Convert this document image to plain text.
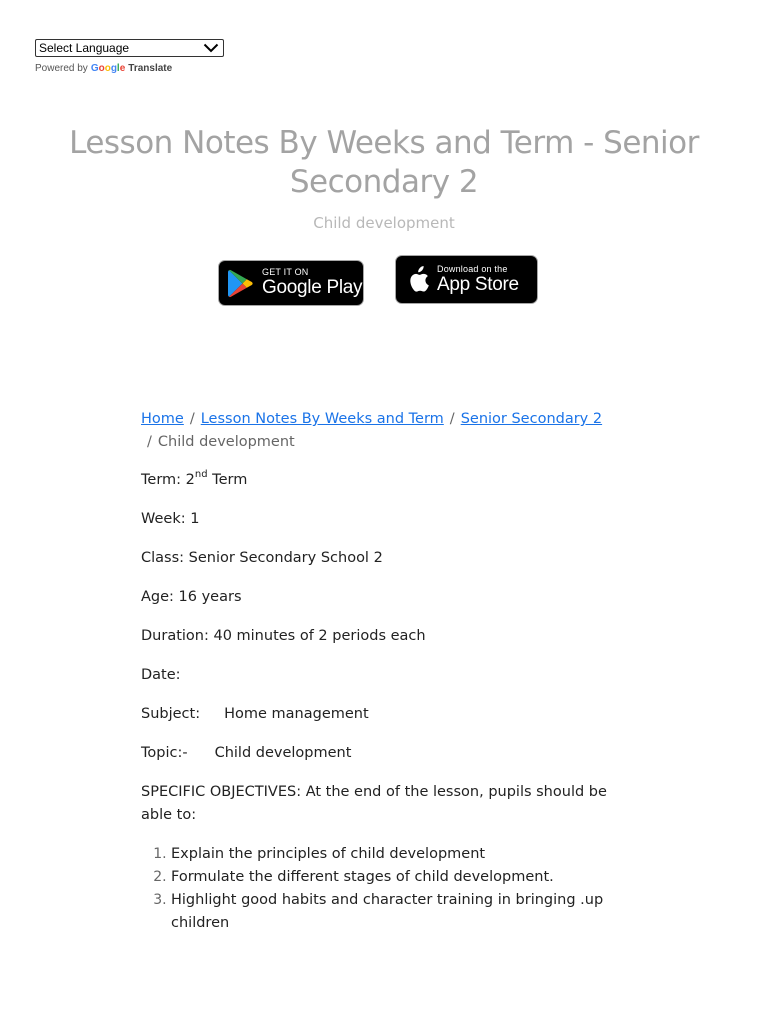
Select Language
Powered by Google Translate
Lesson Notes By Weeks and Term - Senior Secondary 2
Child development
GET IT ON
Google Play
Download on the
App Store
Home / Lesson Notes By Weeks and Term / Senior Secondary 2
/ Child development

Term: 2nd Term

Week: 1

Class: Senior Secondary School 2

Age: 16 years

Duration: 40 minutes of 2 periods each

Date:

Subject: Home management

Topic:- Child development

SPECIFIC OBJECTIVES: At the end of the lesson, pupils should be able to:

1. Explain the principles of child development
2. Formulate the different stages of child development.
3. Highlight good habits and character training in bringing .up children
